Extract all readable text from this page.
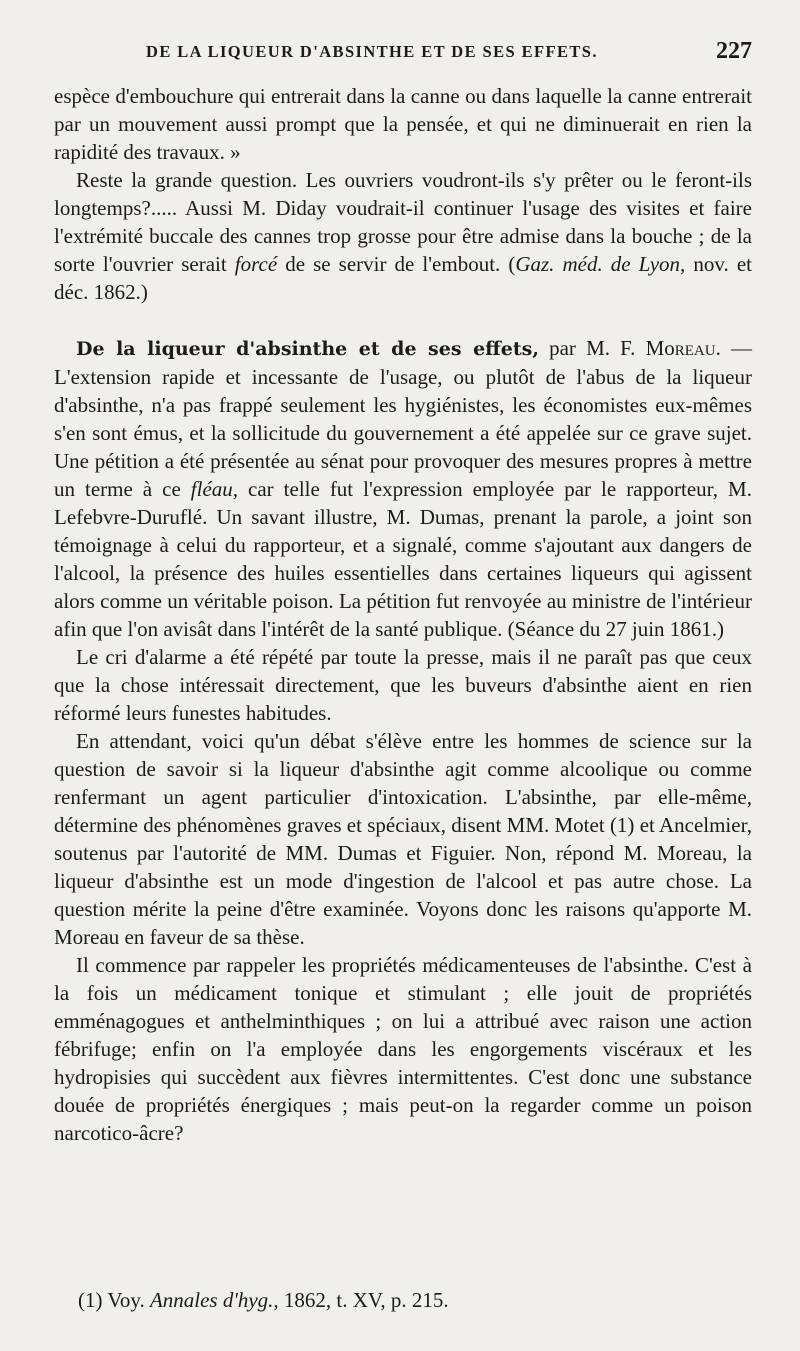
DE LA LIQUEUR D'ABSINTHE ET DE SES EFFETS.	227

espèce d'embouchure qui entrerait dans la canne ou dans laquelle la canne entrerait par un mouvement aussi prompt que la pensée, et qui ne diminuerait en rien la rapidité des travaux. »

Reste la grande question. Les ouvriers voudront-ils s'y prêter ou le feront-ils longtemps?..... Aussi M. Diday voudrait-il continuer l'usage des visites et faire l'extrémité buccale des cannes trop grosse pour être admise dans la bouche ; de la sorte l'ouvrier serait forcé de se servir de l'embout. (Gaz. méd. de Lyon, nov. et déc. 1862.)

De la liqueur d'absinthe et de ses effets, par M. F. Moreau. — L'extension rapide et incessante de l'usage, ou plutôt de l'abus de la liqueur d'absinthe, n'a pas frappé seulement les hygiénistes, les économistes eux-mêmes s'en sont émus, et la sollicitude du gouvernement a été appelée sur ce grave sujet. Une pétition a été présentée au sénat pour provoquer des mesures propres à mettre un terme à ce fléau, car telle fut l'expression employée par le rapporteur, M. Lefebvre-Duruflé. Un savant illustre, M. Dumas, prenant la parole, a joint son témoignage à celui du rapporteur, et a signalé, comme s'ajoutant aux dangers de l'alcool, la présence des huiles essentielles dans certaines liqueurs qui agissent alors comme un véritable poison. La pétition fut renvoyée au ministre de l'intérieur afin que l'on avisât dans l'intérêt de la santé publique. (Séance du 27 juin 1861.)

Le cri d'alarme a été répété par toute la presse, mais il ne paraît pas que ceux que la chose intéressait directement, que les buveurs d'absinthe aient en rien réformé leurs funestes habitudes.

En attendant, voici qu'un débat s'élève entre les hommes de science sur la question de savoir si la liqueur d'absinthe agit comme alcoolique ou comme renfermant un agent particulier d'intoxication. L'absinthe, par elle-même, détermine des phénomènes graves et spéciaux, disent MM. Motet (1) et Ancelmier, soutenus par l'autorité de MM. Dumas et Figuier. Non, répond M. Moreau, la liqueur d'absinthe est un mode d'ingestion de l'alcool et pas autre chose. La question mérite la peine d'être examinée. Voyons donc les raisons qu'apporte M. Moreau en faveur de sa thèse.

Il commence par rappeler les propriétés médicamenteuses de l'absinthe. C'est à la fois un médicament tonique et stimulant ; elle jouit de propriétés emménagogues et anthelminthiques ; on lui a attribué avec raison une action fébrifuge; enfin on l'a employée dans les engorgements viscéraux et les hydropisies qui succèdent aux fièvres intermittentes. C'est donc une substance douée de propriétés énergiques ; mais peut-on la regarder comme un poison narcotico-âcre?

(1) Voy. Annales d'hyg., 1862, t. XV, p. 215.
